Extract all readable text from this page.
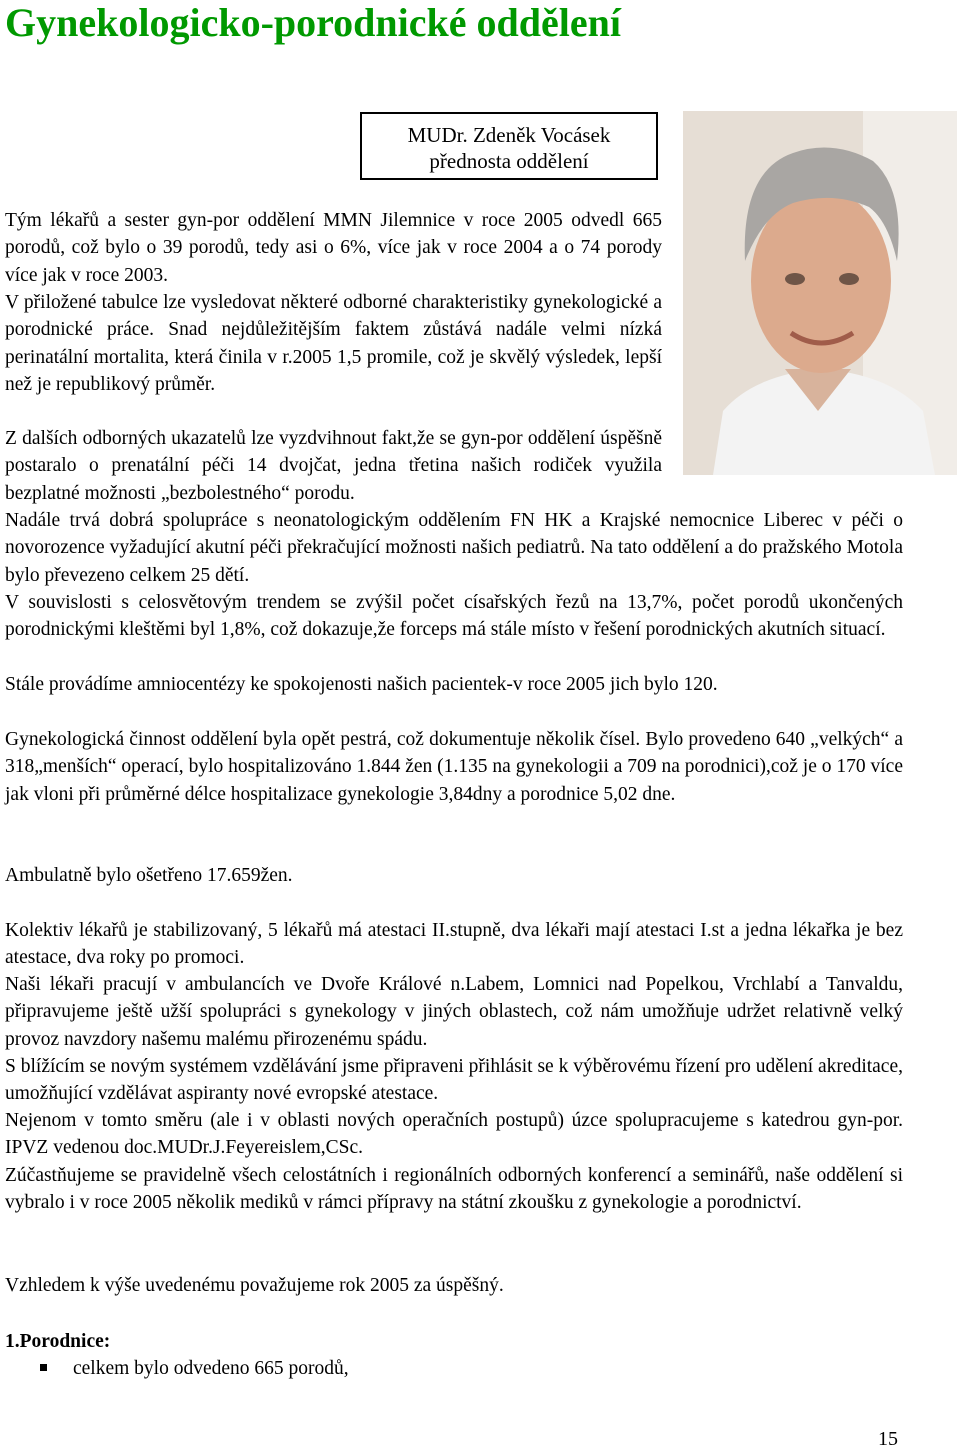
Gynekologicko-porodnické oddělení
MUDr. Zdeněk Vocásek
přednosta oddělení

Tým lékařů a sester gyn-por oddělení MMN Jilemnice v roce 2005 odvedl 665 porodů, což bylo o 39 porodů, tedy asi o 6%, více jak v roce 2004 a o 74 porody více jak v roce 2003.

V přiložené tabulce lze vysledovat některé odborné charakteristiky gynekologické a porodnické práce. Snad nejdůležitějším faktem zůstává nadále velmi nízká perinatální mortalita, která činila v r.2005 1,5 promile, což je skvělý výsledek, lepší než je republikový průměr.

Z dalších odborných ukazatelů lze vyzdvihnout fakt,že se gyn-por oddělení úspěšně postaralo o prenatální péči 14 dvojčat, jedna třetina našich rodiček využila bezplatné možnosti „bezbolestného“ porodu.

Nadále trvá dobrá spolupráce s neonatologickým oddělením FN HK a Krajské nemocnice Liberec v péči o novorozence vyžadující akutní péči překračující možnosti našich pediatrů. Na tato oddělení a do pražského Motola bylo převezeno celkem 25 dětí.

V souvislosti s celosvětovým trendem se zvýšil počet císařských řezů na 13,7%, počet porodů ukončených porodnickými kleštěmi byl 1,8%, což dokazuje,že forceps má stále místo v řešení porodnických akutních situací.

Stále provádíme amniocentézy ke spokojenosti našich pacientek-v roce 2005 jich bylo 120.

Gynekologická činnost oddělení byla opět pestrá, což dokumentuje několik čísel. Bylo provedeno 640 „velkých“ a 318„menších“ operací, bylo hospitalizováno 1.844 žen (1.135 na gynekologii a 709 na porodnici),což je o 170 více jak vloni při průměrné délce hospitalizace gynekologie 3,84dny a porodnice 5,02 dne.

Ambulatně bylo ošetřeno 17.659žen.

Kolektiv lékařů je stabilizovaný, 5 lékařů má atestaci II.stupně, dva lékaři mají atestaci I.st a jedna lékařka je bez atestace, dva roky po promoci.

Naši lékaři pracují v ambulancích ve Dvoře Králové n.Labem, Lomnici nad Popelkou, Vrchlabí a Tanvaldu, připravujeme ještě užší spolupráci s gynekology v jiných oblastech, což nám umožňuje udržet relativně velký provoz navzdory našemu malému přirozenému spádu.

S blížícím se novým systémem vzdělávání jsme připraveni přihlásit se k výběrovému řízení pro udělení akreditace, umožňující vzdělávat aspiranty nové evropské atestace.

Nejenom v tomto směru (ale i v oblasti nových operačních postupů) úzce spolupracujeme s katedrou gyn-por. IPVZ vedenou doc.MUDr.J.Feyereislem,CSc.

Zúčastňujeme se pravidelně všech celostátních i regionálních odborných konferencí a seminářů, naše oddělení si vybralo i v roce 2005 několik mediků v rámci přípravy na státní zkoušku z gynekologie a porodnictví.

Vzhledem k výše uvedenému považujeme rok 2005 za úspěšný.

1.Porodnice:

celkem bylo odvedeno 665 porodů,
15
